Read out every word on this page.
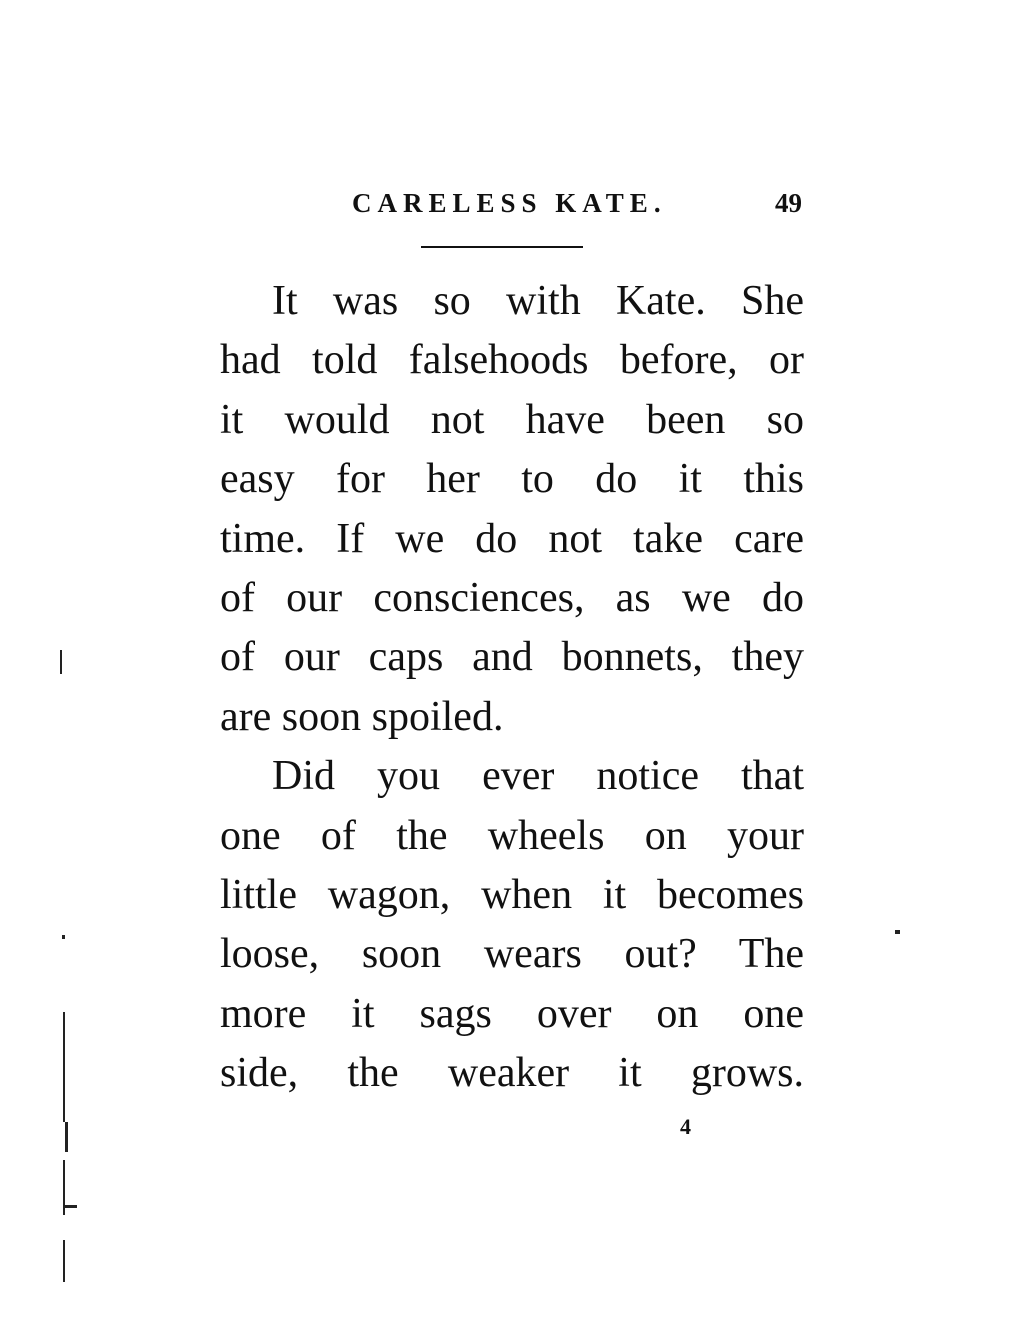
CARELESS KATE.	49
It was so with Kate. She
had told falsehoods before, or
it would not have been so
easy for her to do it this
time. If we do not take care
of our consciences, as we do
of our caps and bonnets, they
are soon spoiled.
Did you ever notice that
one of the wheels on your
little wagon, when it becomes
loose, soon wears out? The
more it sags over on one
side, the weaker it grows.
4
